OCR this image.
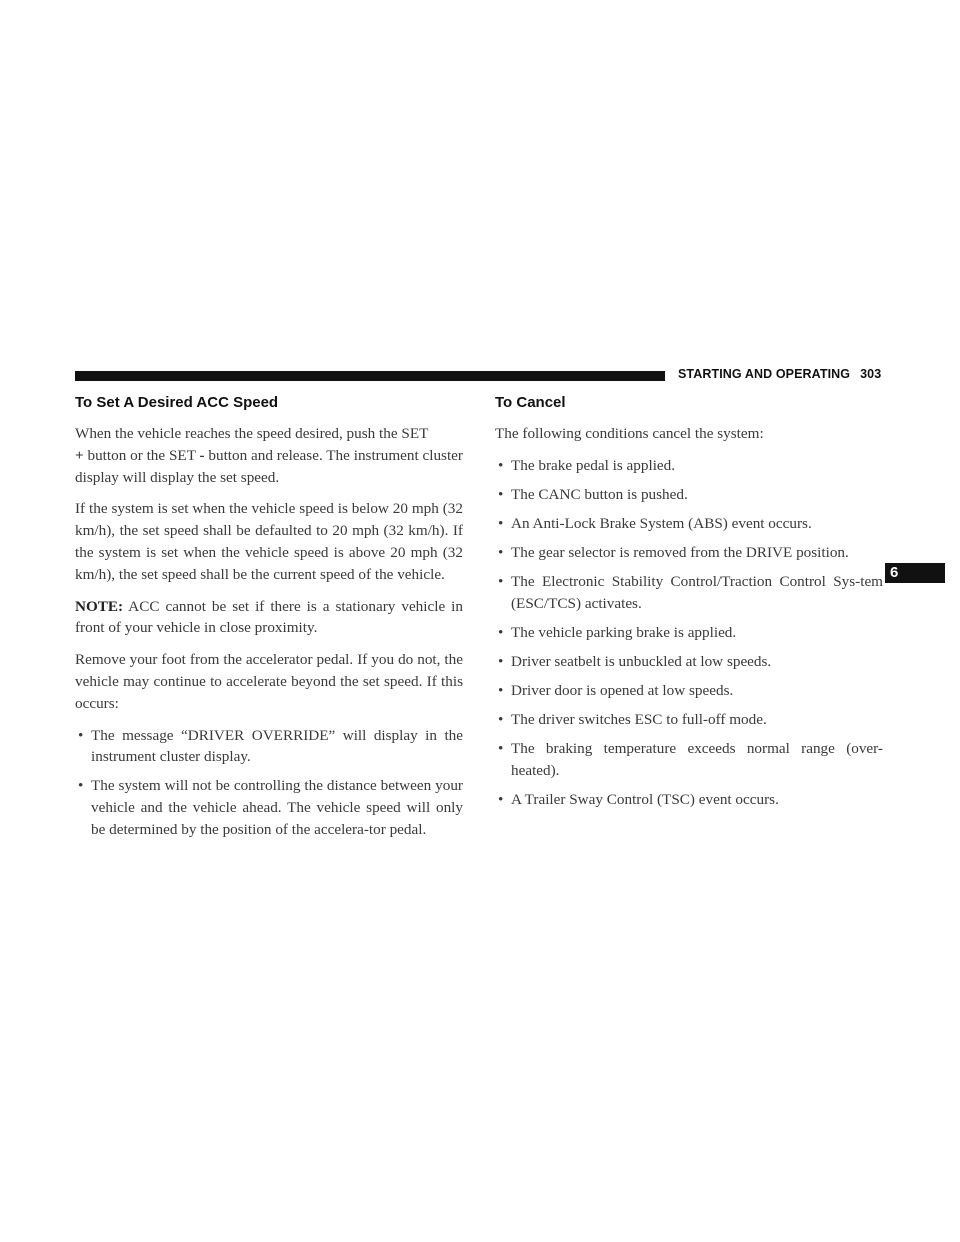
STARTING AND OPERATING 303
6
To Set A Desired ACC Speed

When the vehicle reaches the speed desired, push the SET
+ button or the SET - button and release. The instrument cluster display will display the set speed.

If the system is set when the vehicle speed is below 20 mph (32 km/h), the set speed shall be defaulted to 20 mph (32 km/h). If the system is set when the vehicle speed is above 20 mph (32 km/h), the set speed shall be the current speed of the vehicle.

NOTE: ACC cannot be set if there is a stationary vehicle in front of your vehicle in close proximity.

Remove your foot from the accelerator pedal. If you do not, the vehicle may continue to accelerate beyond the set speed. If this occurs:

• The message “DRIVER OVERRIDE” will display in the instrument cluster display.
• The system will not be controlling the distance between your vehicle and the vehicle ahead. The vehicle speed will only be determined by the position of the accelera-tor pedal.
To Cancel

The following conditions cancel the system:

• The brake pedal is applied.
• The CANC button is pushed.
• An Anti-Lock Brake System (ABS) event occurs.
• The gear selector is removed from the DRIVE position.
• The Electronic Stability Control/Traction Control Sys-tem (ESC/TCS) activates.
• The vehicle parking brake is applied.
• Driver seatbelt is unbuckled at low speeds.
• Driver door is opened at low speeds.
• The driver switches ESC to full-off mode.
• The braking temperature exceeds normal range (over-heated).
• A Trailer Sway Control (TSC) event occurs.
